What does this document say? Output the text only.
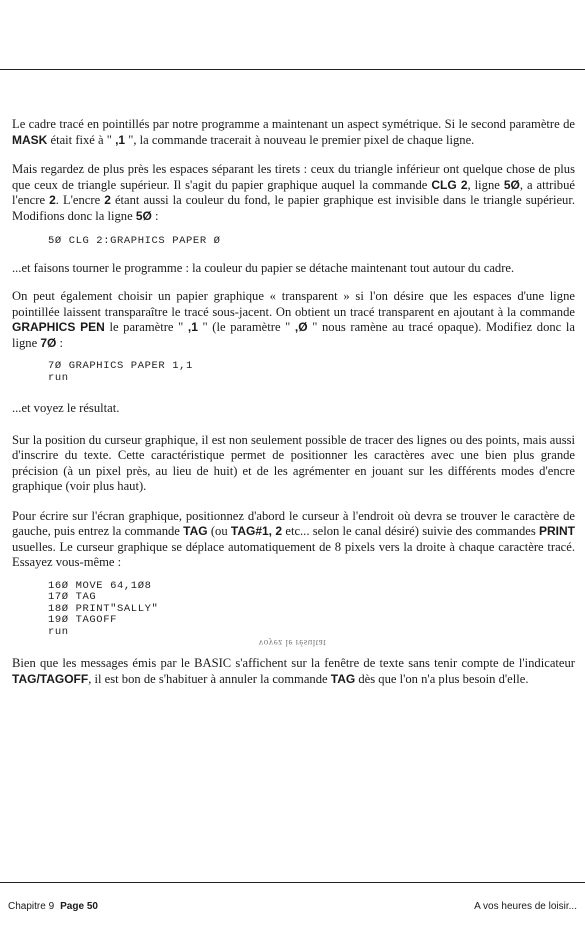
Le cadre tracé en pointillés par notre programme a maintenant un aspect symétrique. Si le second paramètre de MASK était fixé à " ,1 ", la commande tracerait à nouveau le premier pixel de chaque ligne.

Mais regardez de plus près les espaces séparant les tirets : ceux du triangle inférieur ont quelque chose de plus que ceux de triangle supérieur. Il s'agit du papier graphique auquel la commande CLG 2, ligne 5Ø, a attribué l'encre 2. L'encre 2 étant aussi la couleur du fond, le papier graphique est invisible dans le triangle supérieur. Modifions donc la ligne 5Ø :

5Ø CLG 2:GRAPHICS PAPER Ø

...et faisons tourner le programme : la couleur du papier se détache maintenant tout autour du cadre.

On peut également choisir un papier graphique « transparent » si l'on désire que les espaces d'une ligne pointillée laissent transparaître le tracé sous-jacent. On obtient un tracé transparent en ajoutant à la commande GRAPHICS PEN le paramètre " ,1 " (le paramètre " ,Ø " nous ramène au tracé opaque). Modifiez donc la ligne 7Ø :

7Ø GRAPHICS PAPER 1,1
run

...et voyez le résultat.

Sur la position du curseur graphique, il est non seulement possible de tracer des lignes ou des points, mais aussi d'inscrire du texte. Cette caractéristique permet de positionner les caractères avec une bien plus grande précision (à un pixel près, au lieu de huit) et de les agrémenter en jouant sur les différents modes d'encre graphique (voir plus haut).

Pour écrire sur l'écran graphique, positionnez d'abord le curseur à l'endroit où devra se trouver le caractère de gauche, puis entrez la commande TAG (ou TAG#1, 2 etc... selon le canal désiré) suivie des commandes PRINT usuelles. Le curseur graphique se déplace automatiquement de 8 pixels vers la droite à chaque caractère tracé. Essayez vous-même :

16Ø MOVE 64,1Ø8
17Ø TAG
18Ø PRINT"SALLY"
19Ø TAGOFF
run
voyez le résultat

Bien que les messages émis par le BASIC s'affichent sur la fenêtre de texte sans tenir compte de l'indicateur TAG/TAGOFF, il est bon de s'habituer à annuler la commande TAG dès que l'on n'a plus besoin d'elle.

Chapitre 9 Page 50	A vos heures de loisir...
